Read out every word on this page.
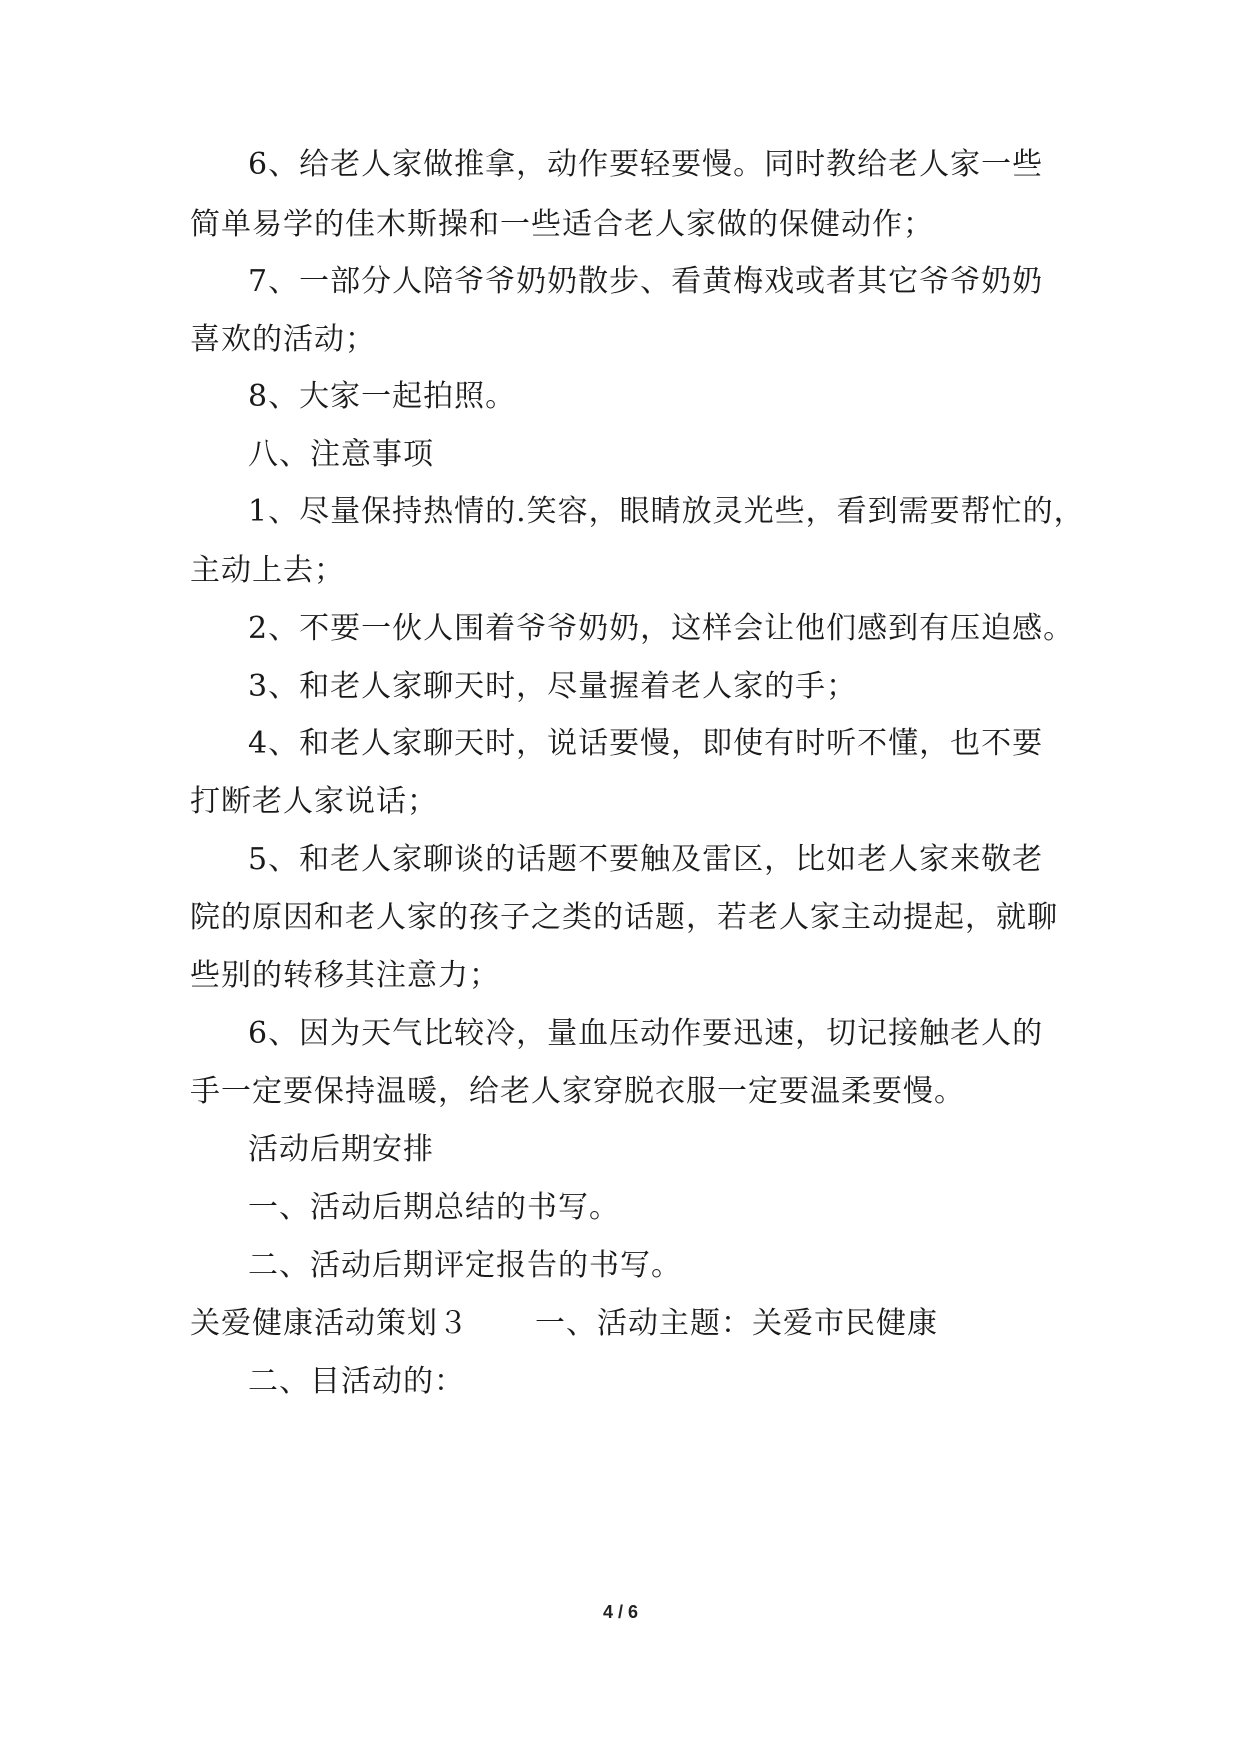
6、给老人家做推拿，动作要轻要慢。同时教给老人家一些
简单易学的佳木斯操和一些适合老人家做的保健动作；
7、一部分人陪爷爷奶奶散步、看黄梅戏或者其它爷爷奶奶
喜欢的活动；
8、大家一起拍照。
八、注意事项
1、尽量保持热情的.笑容，眼睛放灵光些，看到需要帮忙的，
主动上去；
2、不要一伙人围着爷爷奶奶，这样会让他们感到有压迫感。
3、和老人家聊天时，尽量握着老人家的手；
4、和老人家聊天时，说话要慢，即使有时听不懂，也不要
打断老人家说话；
5、和老人家聊谈的话题不要触及雷区，比如老人家来敬老
院的原因和老人家的孩子之类的话题，若老人家主动提起，就聊
些别的转移其注意力；
6、因为天气比较冷，量血压动作要迅速，切记接触老人的
手一定要保持温暖，给老人家穿脱衣服一定要温柔要慢。
活动后期安排
一、活动后期总结的书写。
二、活动后期评定报告的书写。
关爱健康活动策划３ 一、活动主题：关爱市民健康
二、目活动的：
4 / 6
